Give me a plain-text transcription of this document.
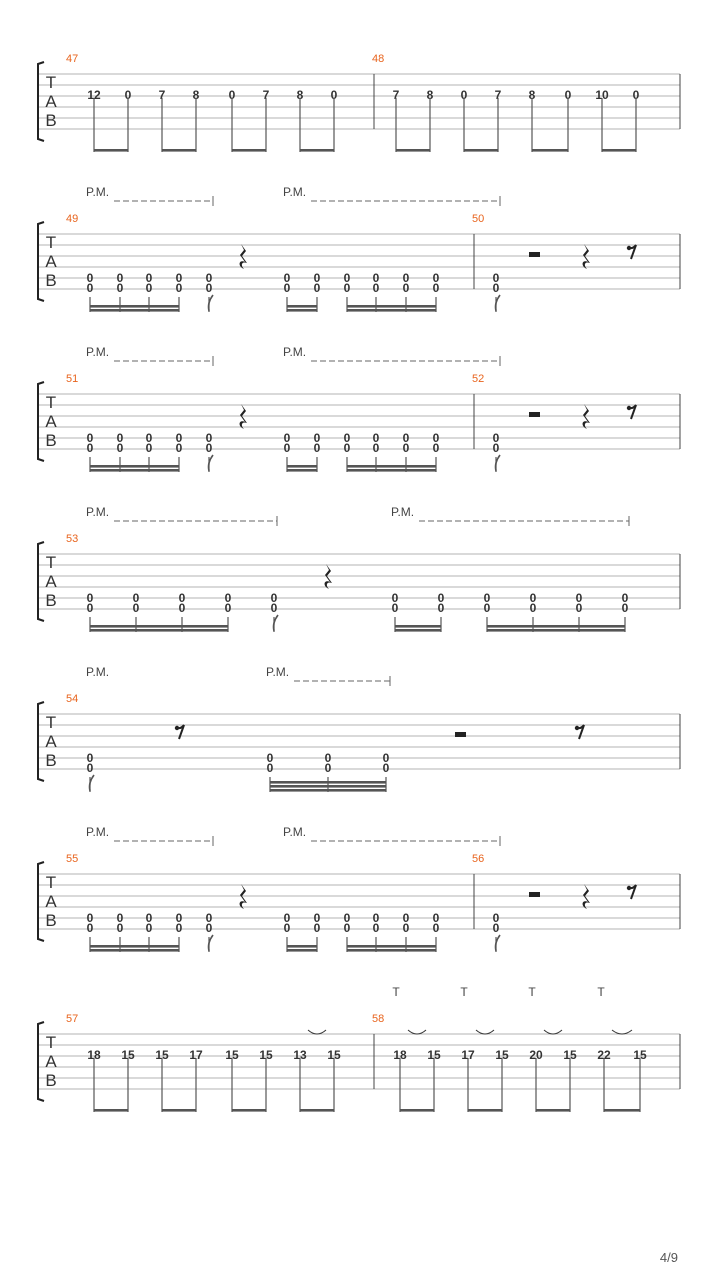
T
A
B
47
12 0 7 8 0 7 8 0
48
7 8 0 7 8 0 10 0
T
A
B
P.M.	P.M.
49
0
0
0
0
0
0
0
0
0
0
0
0
0
0
0
0
0
0
0
0
0
0
50
0
0
T
A
B
P.M.	P.M.
51
0
0
0
0
0
0
0
0
0
0
0
0
0
0
0
0
0
0
0
0
0
0
52
0
0
T
A
B
P.M.	P.M.
53
0
0
0
0
0
0
0
0
0
0
0
0
0
0
0
0
0
0
0
0
0
0
T
A
B
P.M.	P.M.
54
0
0
0
0
0
0
0
0
T
A
B
P.M.	P.M.
55
0
0
0
0
0
0
0
0
0
0
0
0
0
0
0
0
0
0
0
0
0
0
56
0
0
T
A
B
T	T	T	T
57
18 15 15 17 15 15 13 15
58
18 15 17 15 20 15 22 15
4/9
